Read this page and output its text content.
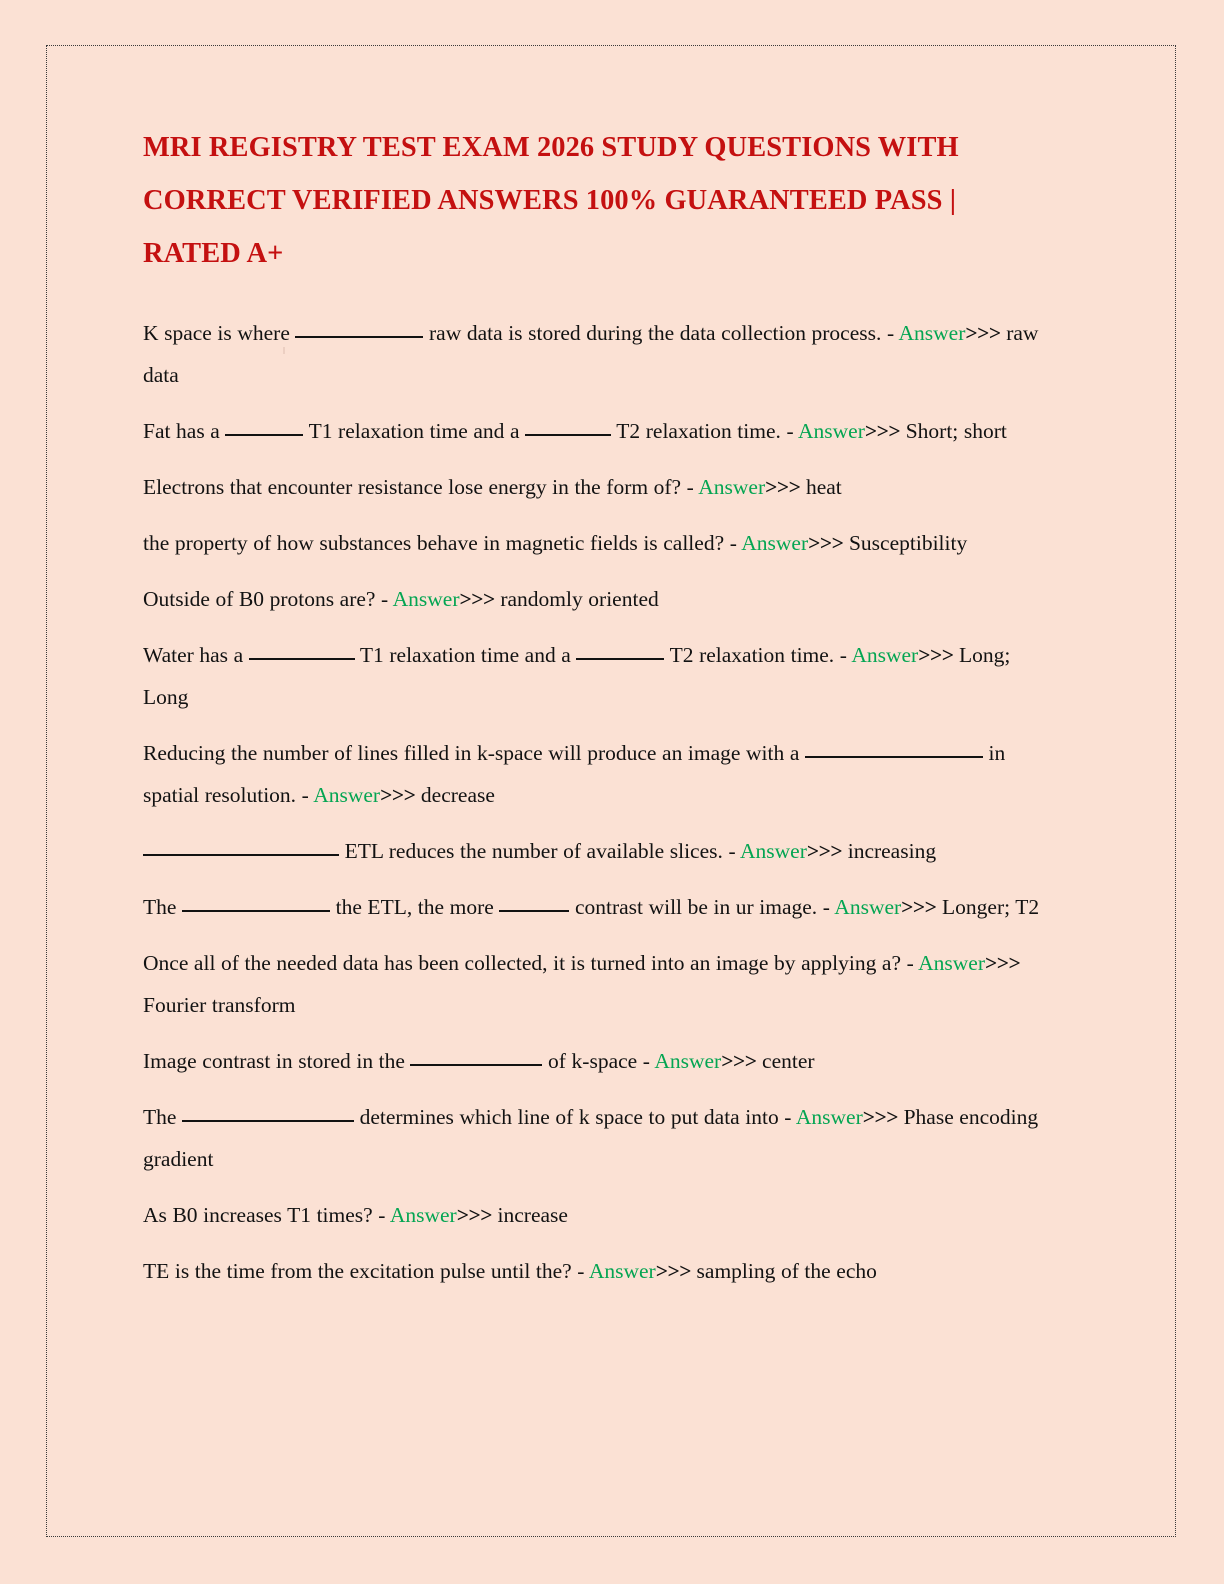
MRI REGISTRY TEST EXAM 2026 STUDY QUESTIONS WITH CORRECT VERIFIED ANSWERS 100% GUARANTEED PASS | RATED A+
K space is where	raw data is stored during the data collection process. - Answer>>> raw data
Fat has a	T1 relaxation time and a	T2 relaxation time. - Answer>>> Short; short
Electrons that encounter resistance lose energy in the form of? - Answer>>> heat
the property of how substances behave in magnetic fields is called? - Answer>>> Susceptibility
Outside of B0 protons are? - Answer>>> randomly oriented
Water has a	T1 relaxation time and a	T2 relaxation time. - Answer>>> Long; Long
Reducing the number of lines filled in k-space will produce an image with a	in spatial resolution. - Answer>>> decrease
ETL reduces the number of available slices. - Answer>>> increasing
The	the ETL, the more	contrast will be in ur image. - Answer>>> Longer; T2
Once all of the needed data has been collected, it is turned into an image by applying a? - Answer>>> Fourier transform
Image contrast in stored in the	of k-space - Answer>>> center
The	determines which line of k space to put data into - Answer>>> Phase encoding gradient
As B0 increases T1 times? - Answer>>> increase
TE is the time from the excitation pulse until the? - Answer>>> sampling of the echo
